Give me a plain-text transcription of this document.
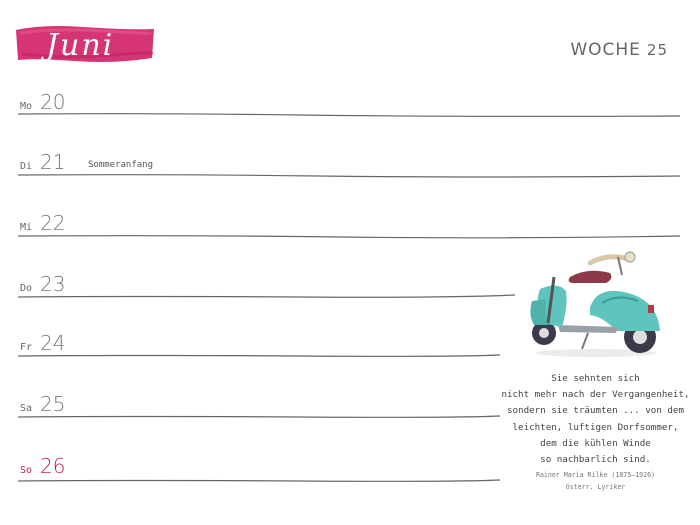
Juni	WOCHE 25
Mo 20
Di 21	Sommeranfang
Mi 22
Do 23
Fr 24
Sa 25
So 26
Sie sehnten sich
nicht mehr nach der Vergangenheit,
sondern sie träumten ... von dem
leichten, luftigen Dorfsommer,
dem die kühlen Winde
so nachbarlich sind.
Rainer Maria Rilke (1875–1926)
österr. Lyriker
